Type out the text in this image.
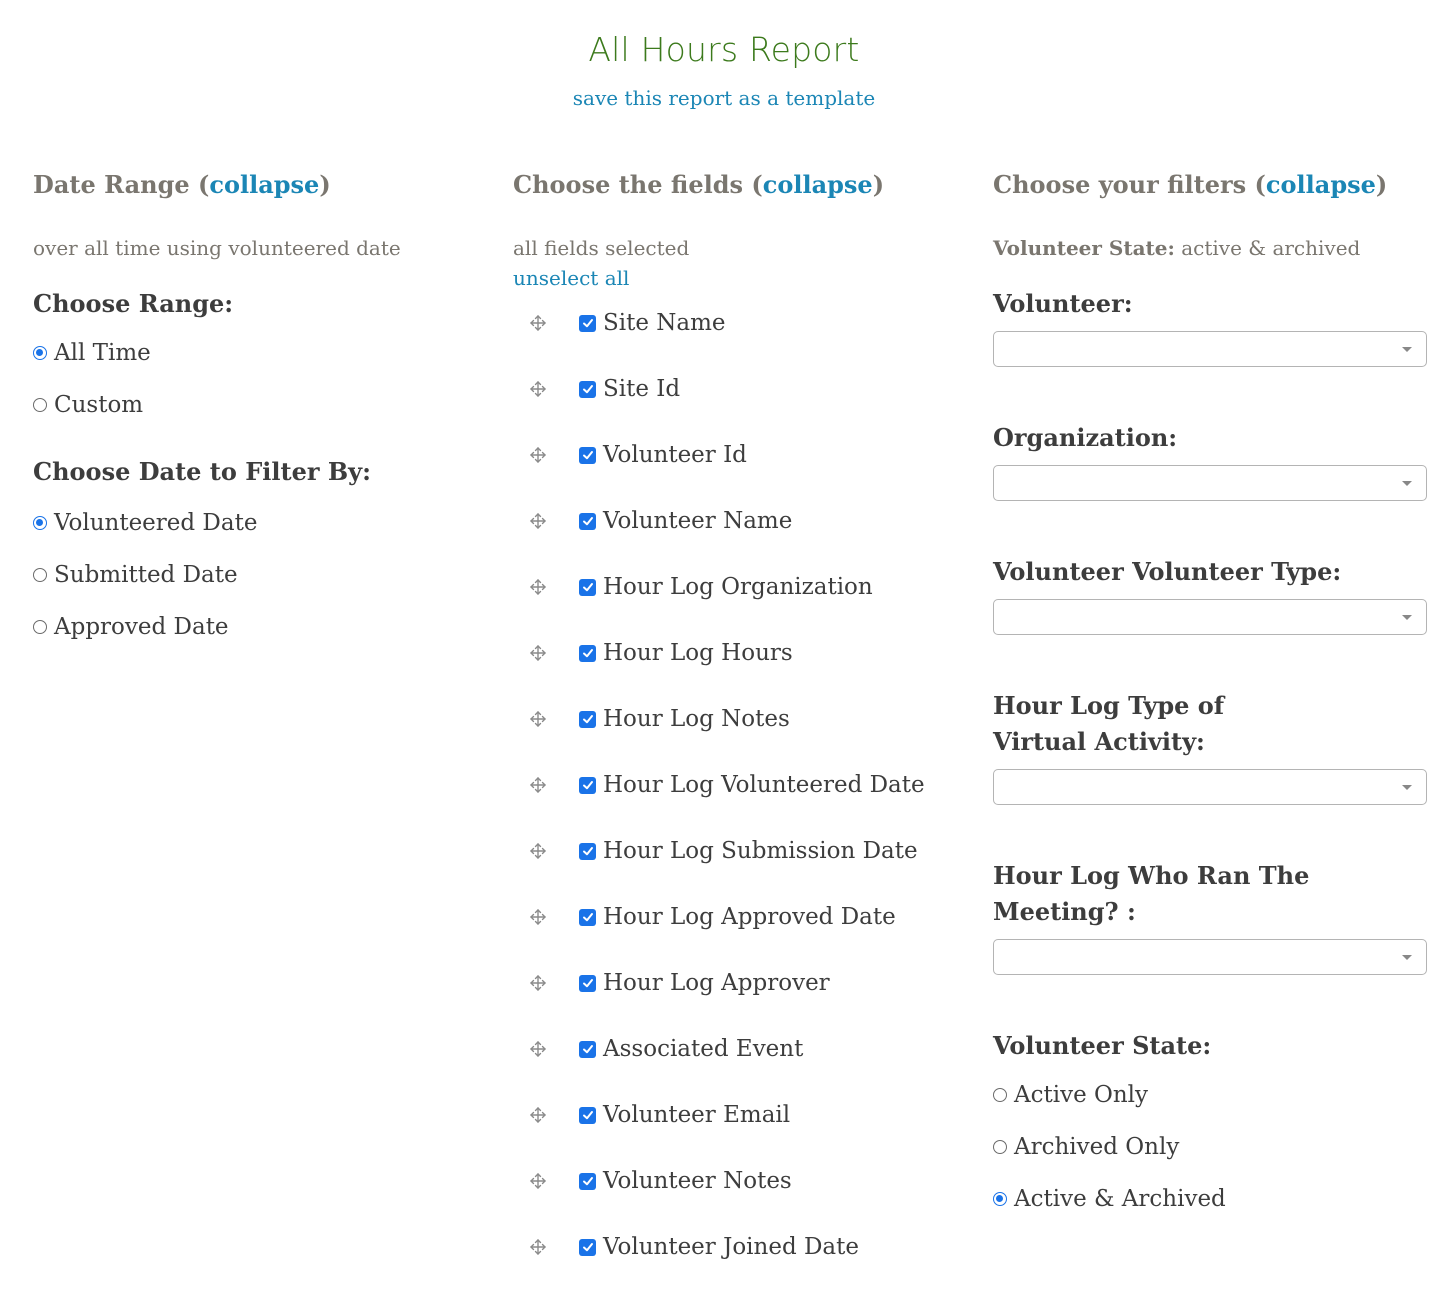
All Hours Report
save this report as a template
Date Range (collapse)
over all time using volunteered date
Choose Range:
All Time
Custom
Choose Date to Filter By:
Volunteered Date
Submitted Date
Approved Date
Choose the fields (collapse)
all fields selected
unselect all
Site Name
Site Id
Volunteer Id
Volunteer Name
Hour Log Organization
Hour Log Hours
Hour Log Notes
Hour Log Volunteered Date
Hour Log Submission Date
Hour Log Approved Date
Hour Log Approver
Associated Event
Volunteer Email
Volunteer Notes
Volunteer Joined Date
Choose your filters (collapse)
Volunteer State: active & archived
Volunteer:
Organization:
Volunteer Volunteer Type:
Hour Log Type of Virtual Activity:
Hour Log Who Ran The Meeting? :
Volunteer State:
Active Only
Archived Only
Active & Archived
